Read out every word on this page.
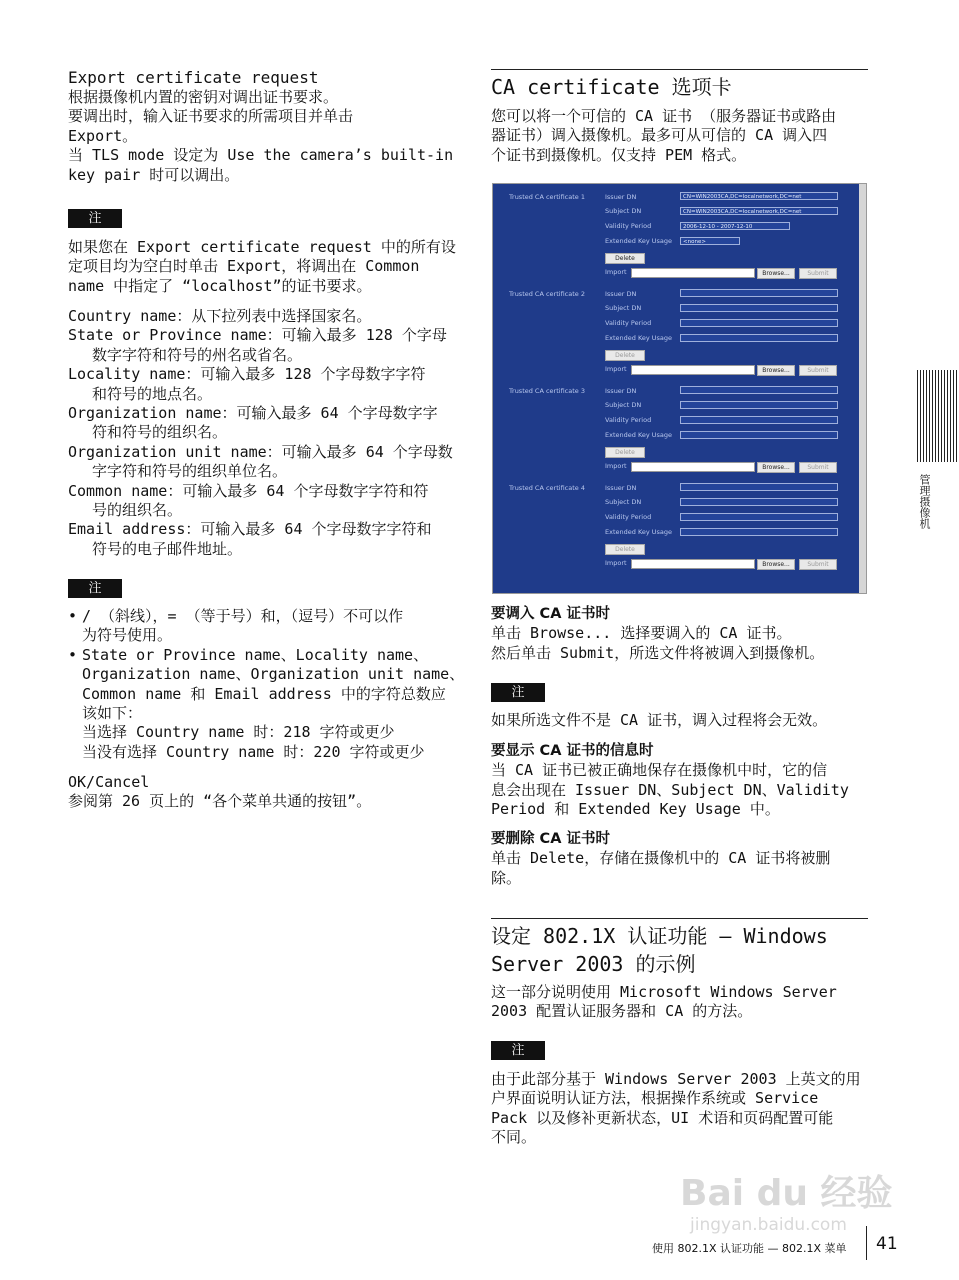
Export certificate request
根据摄像机内置的密钥对调出证书要求。
要调出时，输入证书要求的所需项目并单击
Export。
当 TLS mode 设定为 Use the camera’s built-in
key pair 时可以调出。
注
如果您在 Export certificate request 中的所有设
定项目均为空白时单击 Export，将调出在 Common
name 中指定了 “localhost”的证书要求。
Country name：从下拉列表中选择国家名。
State or Province name：可输入最多 128 个字母
数字字符和符号的州名或省名。
Locality name：可输入最多 128 个字母数字字符
和符号的地点名。
Organization name：可输入最多 64 个字母数字字
符和符号的组织名。
Organization unit name：可输入最多 64 个字母数
字字符和符号的组织单位名。
Common name：可输入最多 64 个字母数字字符和符
号的组织名。
Email address：可输入最多 64 个字母数字字符和
符号的电子邮件地址。
注
• / （斜线），= （等于号）和，（逗号）不可以作
为符号使用。
• State or Province name、Locality name、
Organization name、Organization unit name、
Common name 和 Email address 中的字符总数应
该如下：
当选择 Country name 时：218 字符或更少
当没有选择 Country name 时：220 字符或更少
OK/Cancel
参阅第 26 页上的 “各个菜单共通的按钮”。
CA certificate 选项卡
您可以将一个可信的 CA 证书 （服务器证书或路由
器证书）调入摄像机。最多可从可信的 CA 调入四
个证书到摄像机。仅支持 PEM 格式。
Trusted CA certificate 1	Issuer DN	CN=WIN2003CA,DC=localnetwork,DC=net
Subject DN	CN=WIN2003CA,DC=localnetwork,DC=net
Validity Period	2006-12-10 - 2007-12-10
Extended Key Usage	<none>
Delete
Import	Browse...	Submit
Trusted CA certificate 2	Issuer DN
Subject DN
Validity Period
Extended Key Usage
Delete
Import	Browse...	Submit
Trusted CA certificate 3	Issuer DN
Subject DN
Validity Period
Extended Key Usage
Delete
Import	Browse...	Submit
Trusted CA certificate 4	Issuer DN
Subject DN
Validity Period
Extended Key Usage
Delete
Import	Browse...	Submit
要调入 CA 证书时
单击 Browse... 选择要调入的 CA 证书。
然后单击 Submit，所选文件将被调入到摄像机。
注
如果所选文件不是 CA 证书，调入过程将会无效。
要显示 CA 证书的信息时
当 CA 证书已被正确地保存在摄像机中时，它的信
息会出现在 Issuer DN、Subject DN、Validity
Period 和 Extended Key Usage 中。
要删除 CA 证书时
单击 Delete，存储在摄像机中的 CA 证书将被删
除。
设定 802.1X 认证功能 — Windows
Server 2003 的示例
这一部分说明使用 Microsoft Windows Server
2003 配置认证服务器和 CA 的方法。
注
由于此部分基于 Windows Server 2003 上英文的用
户界面说明认证方法，根据操作系统或 Service
Pack 以及修补更新状态，UI 术语和页码配置可能
不同。
管理摄像机
Bai du 经验
jingyan.baidu.com
使用 802.1X 认证功能 — 802.1X 菜单 41
